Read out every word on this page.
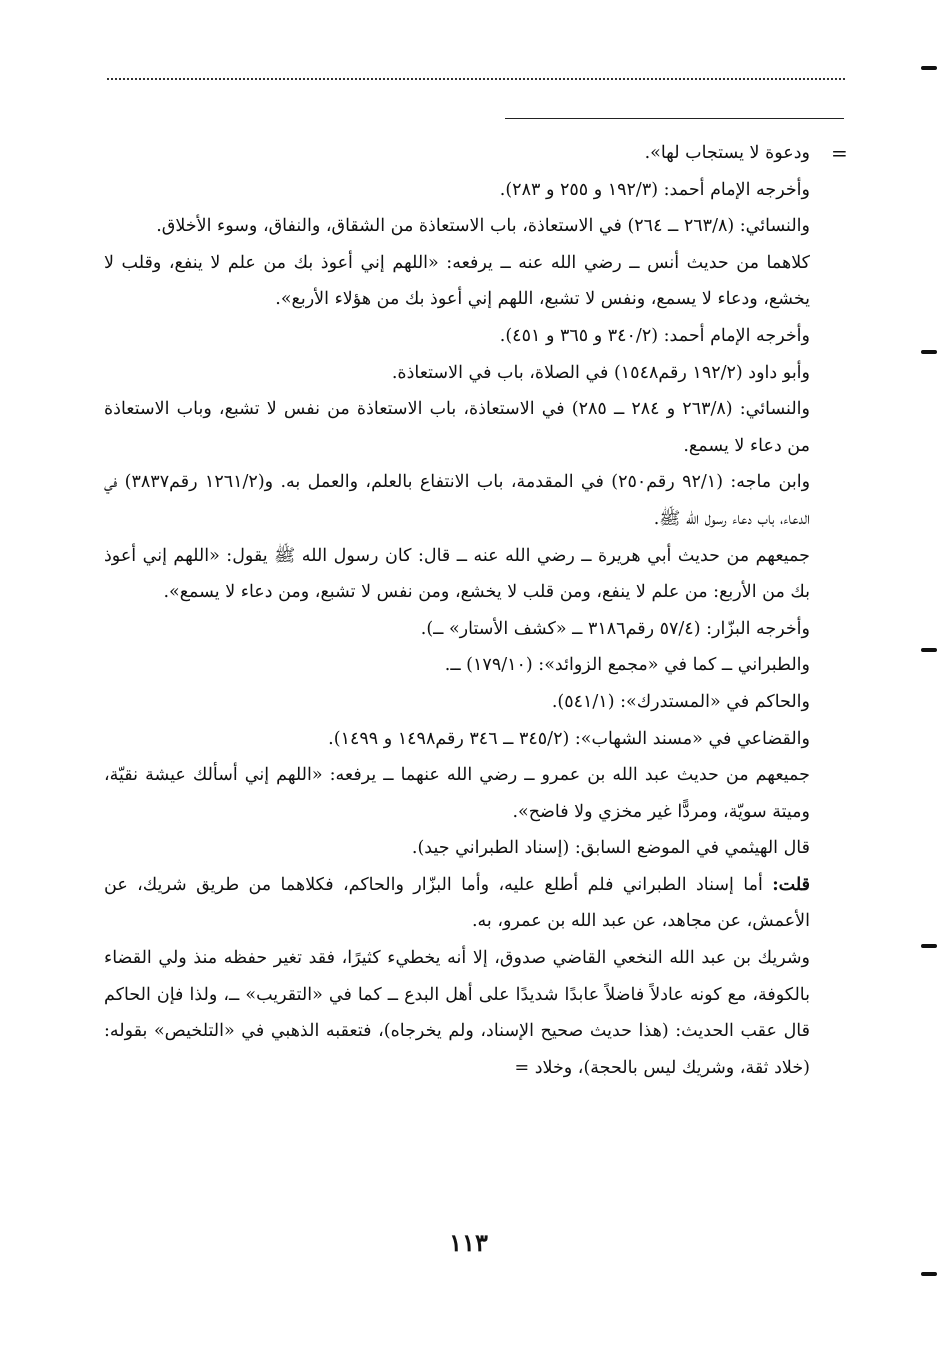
=

ودعوة لا يستجاب لها».

وأخرجه الإمام أحمد: (١٩٢/٣ و ٢٥٥ و ٢٨٣).

والنسائي: (٢٦٣/٨ ــ ٢٦٤) في الاستعاذة، باب الاستعاذة من الشقاق، والنفاق، وسوء الأخلاق.

كلاهما من حديث أنس ــ رضي الله عنه ــ يرفعه: «اللهم إني أعوذ بك من علم لا ينفع، وقلب لا يخشع، ودعاء لا يسمع، ونفس لا تشبع، اللهم إني أعوذ بك من هؤلاء الأربع».

وأخرجه الإمام أحمد: (٣٤٠/٢ و ٣٦٥ و ٤٥١).

وأبو داود (١٩٢/٢ رقم١٥٤٨) في الصلاة، باب في الاستعاذة.

والنسائي: (٢٦٣/٨ و ٢٨٤ ــ ٢٨٥) في الاستعاذة، باب الاستعاذة من نفس لا تشبع، وباب الاستعاذة من دعاء لا يسمع.

وابن ماجه: (٩٢/١ رقم٢٥٠) في المقدمة، باب الانتفاع بالعلم، والعمل به. و(١٢٦١/٢ رقم٣٨٣٧) في الدعاء، باب دعاء رسول الله ﷺ.

جميعهم من حديث أبي هريرة ــ رضي الله عنه ــ قال: كان رسول الله ﷺ يقول: «اللهم إني أعوذ بك من الأربع: من علم لا ينفع، ومن قلب لا يخشع، ومن نفس لا تشبع، ومن دعاء لا يسمع».

وأخرجه البزّار: (٥٧/٤ رقم٣١٨٦ ــ «كشف الأستار» ــ).

والطبراني ــ كما في «مجمع الزوائد»: (١٧٩/١٠) ــ.

والحاكم في «المستدرك»: (٥٤١/١).

والقضاعي في «مسند الشهاب»: (٣٤٥/٢ ــ ٣٤٦ رقم١٤٩٨ و ١٤٩٩).

جميعهم من حديث عبد الله بن عمرو ــ رضي الله عنهما ــ يرفعه: «اللهم إني أسألك عيشة نقيّة، وميتة سويّة، ومردًّا غير مخزي ولا فاضح».

قال الهيثمي في الموضع السابق: (إسناد الطبراني جيد).

قلت: أما إسناد الطبراني فلم أطلع عليه، وأما البزّار والحاكم، فكلاهما من طريق شريك، عن الأعمش، عن مجاهد، عن عبد الله بن عمرو، به.

وشريك بن عبد الله النخعي القاضي صدوق، إلا أنه يخطيء كثيرًا، فقد تغير حفظه منذ ولي القضاء بالكوفة، مع كونه عادلاً فاضلاً عابدًا شديدًا على أهل البدع ــ كما في «التقريب» ــ، ولذا فإن الحاكم قال عقب الحديث: (هذا حديث صحيح الإسناد، ولم يخرجاه)، فتعقبه الذهبي في «التلخيص» بقوله: (خلاد ثقة، وشريك ليس بالحجة)، وخلاد =

١١٣
